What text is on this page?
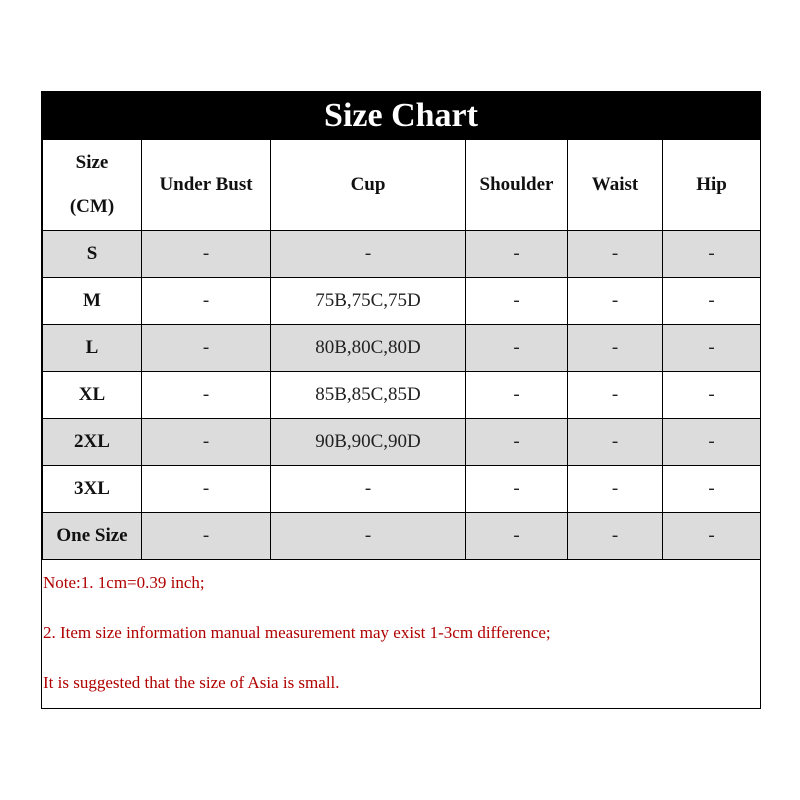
Size Chart
Size
(CM)	Under Bust	Cup	Shoulder	Waist	Hip
S	-	-	-	-	-
M	-	75B,75C,75D	-	-	-
L	-	80B,80C,80D	-	-	-
XL	-	85B,85C,85D	-	-	-
2XL	-	90B,90C,90D	-	-	-
3XL	-	-	-	-	-
One Size	-	-	-	-	-
Note:1. 1cm=0.39 inch;
2. Item size information manual measurement may exist 1-3cm difference;
It is suggested that the size of Asia is small.
